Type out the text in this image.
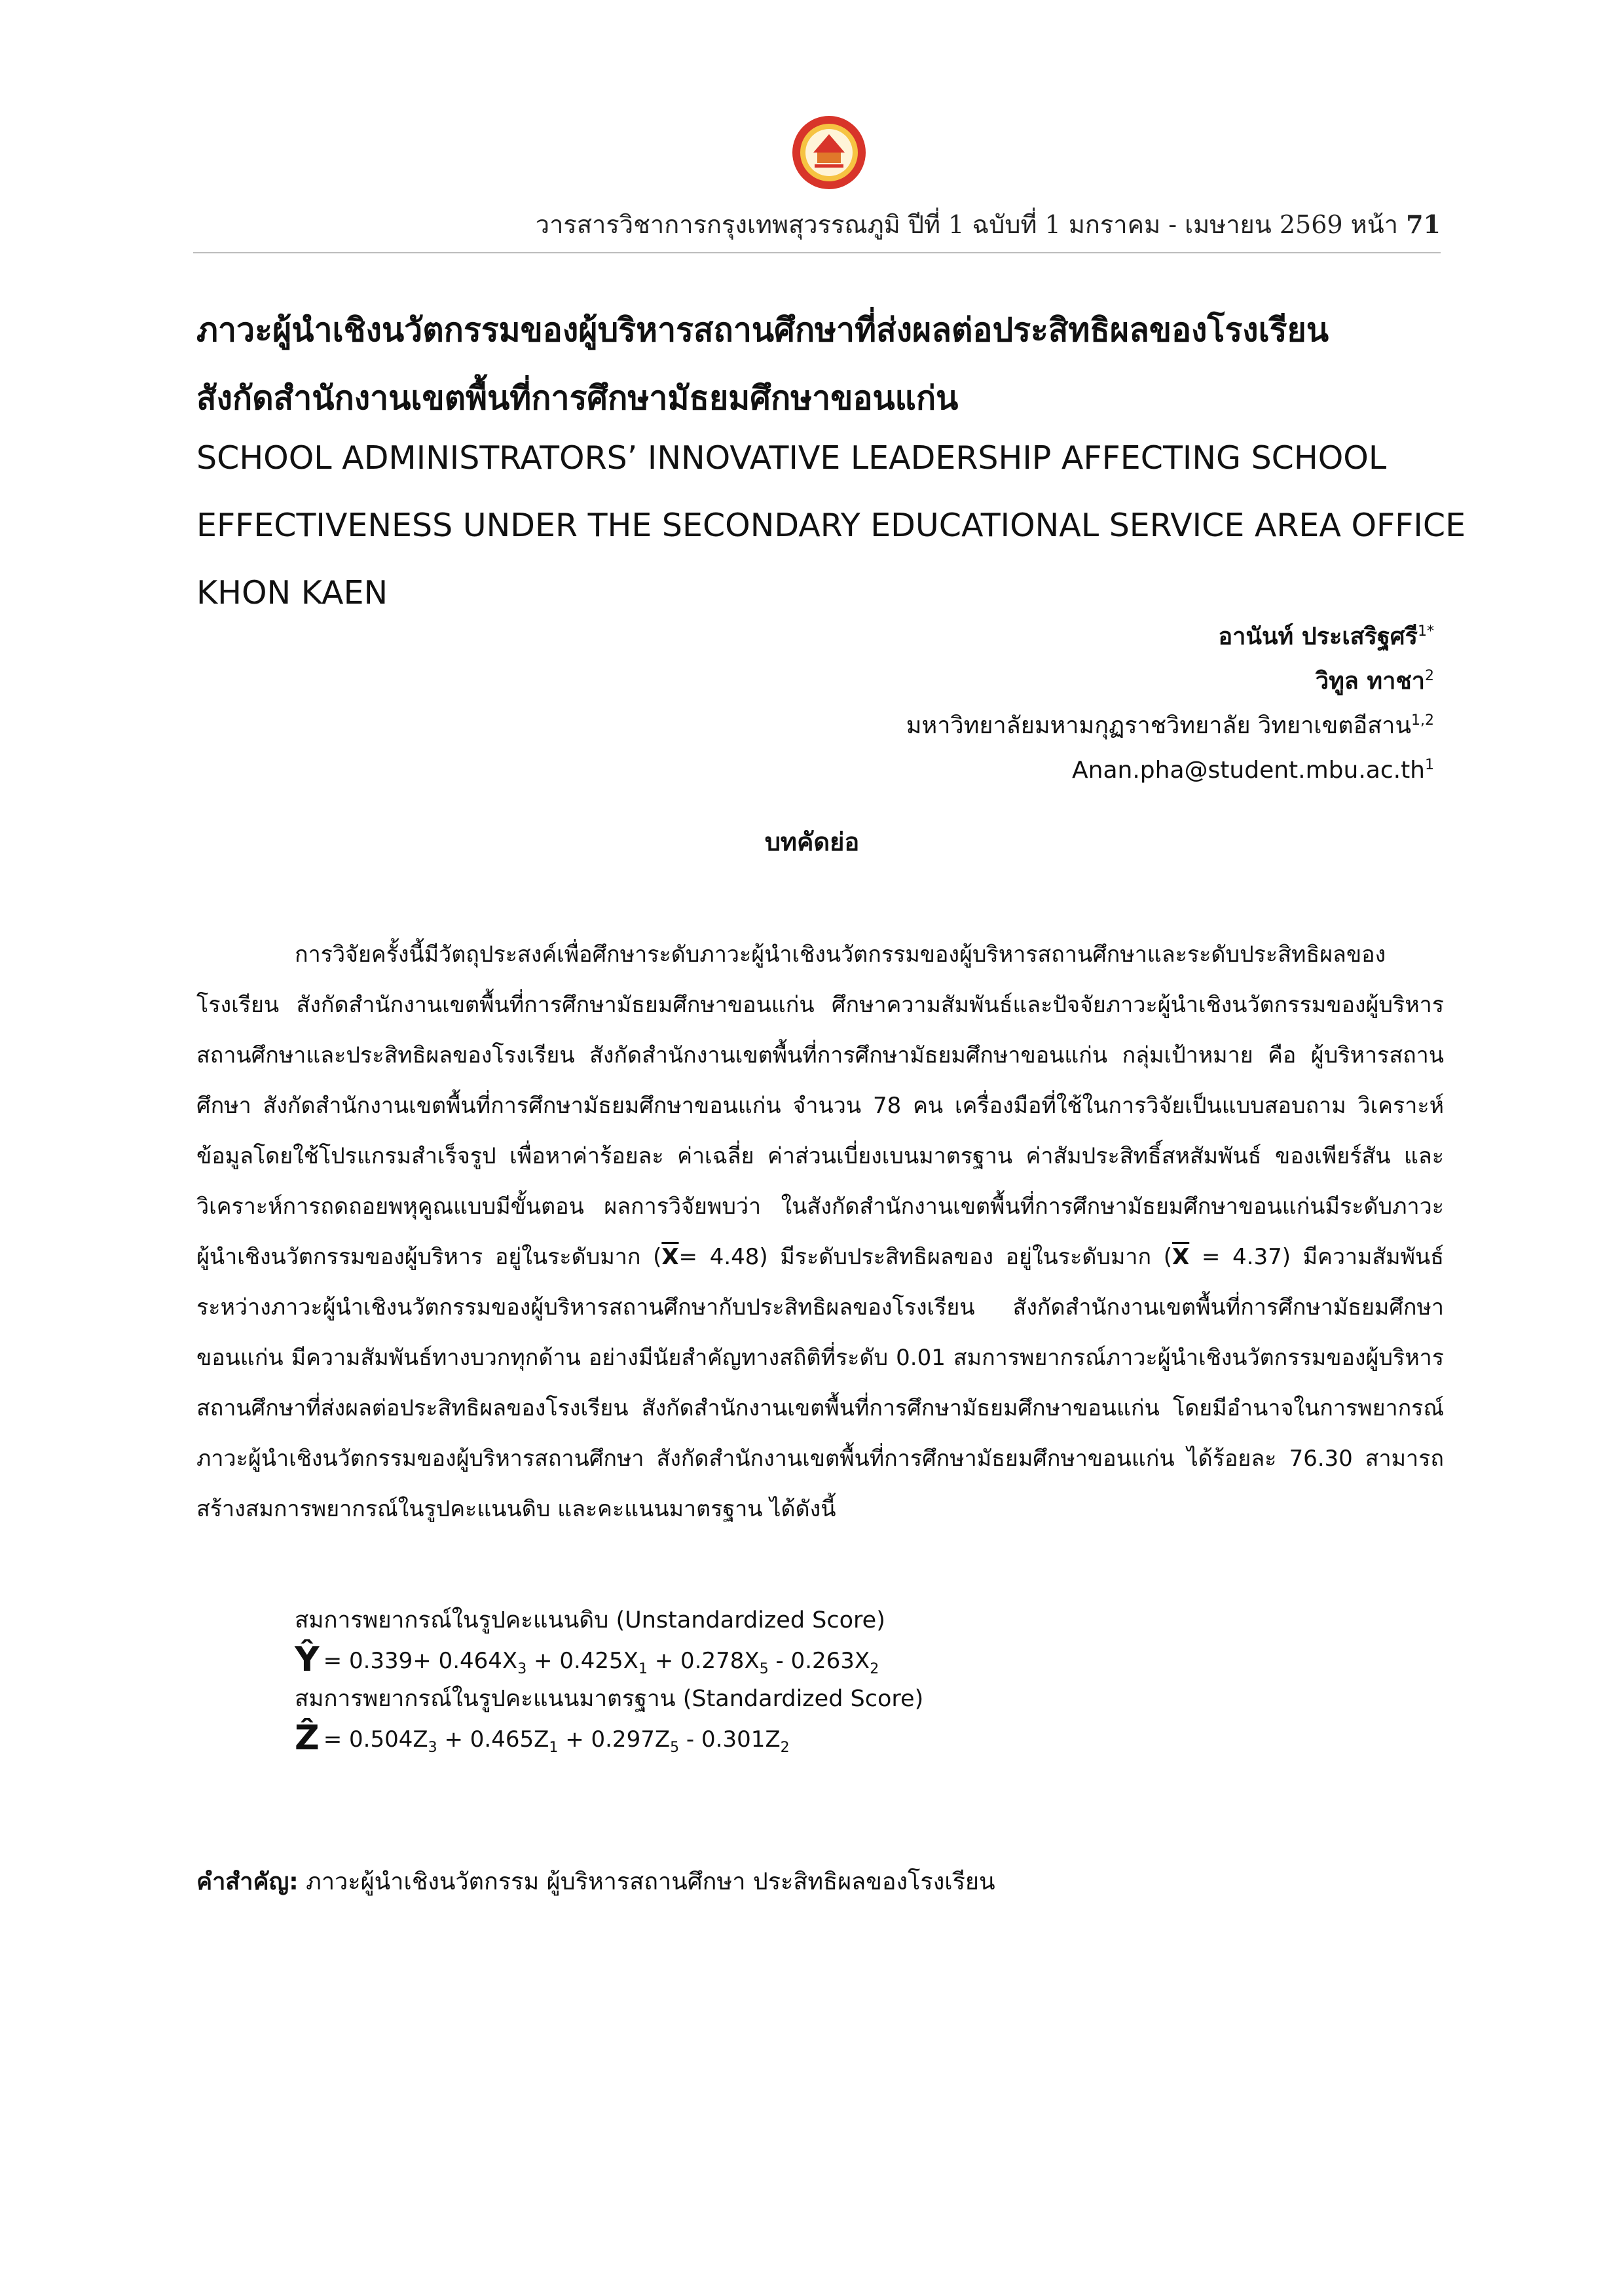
วารสารวิชาการกรุงเทพสุวรรณภูมิ ปีที่ 1 ฉบับที่ 1 มกราคม - เมษายน 2569 หน้า 71
ภาวะผู้นำเชิงนวัตกรรมของผู้บริหารสถานศึกษาที่ส่งผลต่อประสิทธิผลของโรงเรียน
สังกัดสำนักงานเขตพื้นที่การศึกษามัธยมศึกษาขอนแก่น
SCHOOL ADMINISTRATORS’ INNOVATIVE LEADERSHIP AFFECTING SCHOOL
EFFECTIVENESS UNDER THE SECONDARY EDUCATIONAL SERVICE AREA OFFICE
KHON KAEN
อานันท์ ประเสริฐศรี$^{1*}$
วิทูล ทาชา$^2$
มหาวิทยาลัยมหามกุฏราชวิทยาลัย วิทยาเขตอีสาน$^{1,2}$
$Anan.pha@student.mbu.ac.th^1$
บทคัดย่อ

การวิจัยครั้งนี้มีวัตถุประสงค์เพื่อศึกษาระดับภาวะผู้นำเชิงนวัตกรรมของผู้บริหารสถานศึกษาและระดับประสิทธิผลของโรงเรียน สังกัดสำนักงานเขตพื้นที่การศึกษามัธยมศึกษาขอนแก่น ศึกษาความสัมพันธ์และปัจจัยภาวะผู้นำเชิงนวัตกรรมของผู้บริหารสถานศึกษาและประสิทธิผลของโรงเรียน สังกัดสำนักงานเขตพื้นที่การศึกษามัธยมศึกษาขอนแก่น กลุ่มเป้าหมาย คือ ผู้บริหารสถานศึกษา สังกัดสำนักงานเขตพื้นที่การศึกษามัธยมศึกษาขอนแก่น จำนวน 78 คน เครื่องมือที่ใช้ในการวิจัยเป็นแบบสอบถาม วิเคราะห์ข้อมูลโดยใช้โปรแกรมสำเร็จรูป เพื่อหาค่าร้อยละ ค่าเฉลี่ย ค่าส่วนเบี่ยงเบนมาตรฐาน ค่าสัมประสิทธิ์สหสัมพันธ์ ของเพียร์สัน และวิเคราะห์การถดถอยพหุคูณแบบมีขั้นตอน ผลการวิจัยพบว่า ในสังกัดสำนักงานเขตพื้นที่การศึกษามัธยมศึกษาขอนแก่นมีระดับภาวะผู้นำเชิงนวัตกรรมของผู้บริหาร อยู่ในระดับมาก $(\overline{X}= 4.48)$ มีระดับประสิทธิผลของ อยู่ในระดับมาก $(\overline{X} = 4.37)$ มีความสัมพันธ์ระหว่างภาวะผู้นำเชิงนวัตกรรมของผู้บริหารสถานศึกษากับประสิทธิผลของโรงเรียน สังกัดสำนักงานเขตพื้นที่การศึกษามัธยมศึกษาขอนแก่น มีความสัมพันธ์ทางบวกทุกด้าน อย่างมีนัยสำคัญทางสถิติที่ระดับ 0.01 สมการพยากรณ์ภาวะผู้นำเชิงนวัตกรรมของผู้บริหารสถานศึกษาที่ส่งผลต่อประสิทธิผลของโรงเรียน สังกัดสำนักงานเขตพื้นที่การศึกษามัธยมศึกษาขอนแก่น โดยมีอำนาจในการพยากรณ์ ภาวะผู้นำเชิงนวัตกรรมของผู้บริหารสถานศึกษา สังกัดสำนักงานเขตพื้นที่การศึกษามัธยมศึกษาขอนแก่น ได้ร้อยละ 76.30 สามารถสร้างสมการพยากรณ์ในรูปคะแนนดิบ และคะแนนมาตรฐาน ได้ดังนี้

สมการพยากรณ์ในรูปคะแนนดิบ (Unstandardized Score)
Ŷ = $0.339+ 0.464X_3 + 0.425X_1 + 0.278X_5 - 0.263X_2$
สมการพยากรณ์ในรูปคะแนนมาตรฐาน (Standardized Score)
Ẑ = $0.504Z_3 + 0.465Z_1 + 0.297Z_5 - 0.301Z_2$
คำสำคัญ: ภาวะผู้นำเชิงนวัตกรรม ผู้บริหารสถานศึกษา ประสิทธิผลของโรงเรียน
